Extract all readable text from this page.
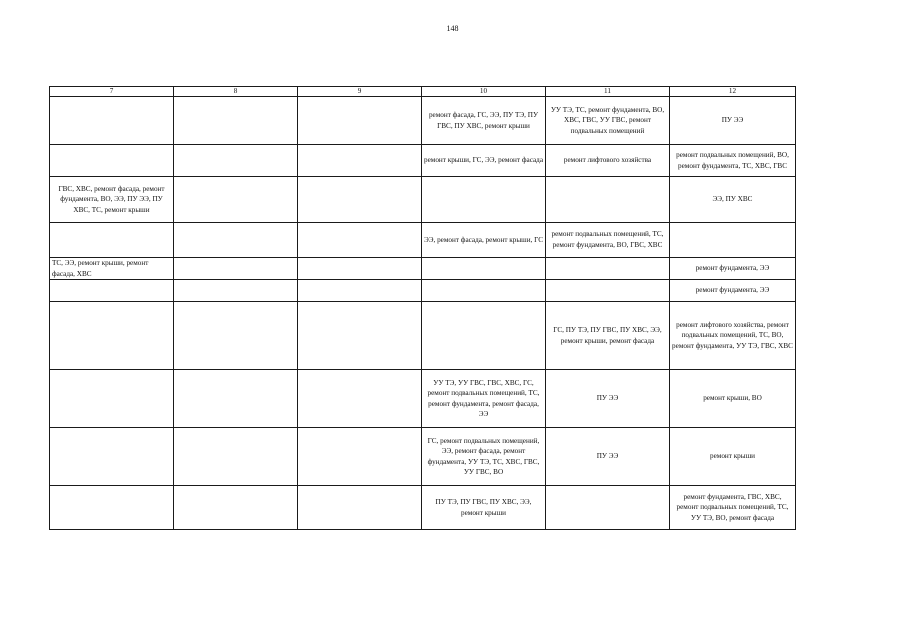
148
7	8	9	10	11	12
			ремонт фасада, ГС, ЭЭ, ПУ ТЭ, ПУ ГВС, ПУ ХВС, ремонт крыши	УУ ТЭ, ТС, ремонт фундамента, ВО, ХВС, ГВС, УУ ГВС, ремонт подвальных помещений	ПУ ЭЭ
			ремонт крыши, ГС, ЭЭ, ремонт фасада	ремонт лифтового хозяйства	ремонт подвальных помещений, ВО, ремонт фундамента, ТС, ХВС, ГВС
ГВС, ХВС, ремонт фасада, ремонт фундамента, ВО, ЭЭ, ПУ ЭЭ, ПУ ХВС, ТС, ремонт крыши					ЭЭ, ПУ ХВС
			ЭЭ, ремонт фасада, ремонт крыши, ГС	ремонт подвальных помещений, ТС, ремонт фундамента, ВО, ГВС, ХВС	
ТС, ЭЭ, ремонт крыши, ремонт фасада, ХВС					ремонт фундамента, ЭЭ
					ремонт фундамента, ЭЭ
				ГС, ПУ ТЭ, ПУ ГВС, ПУ ХВС, ЭЭ, ремонт крыши, ремонт фасада	ремонт лифтового хозяйства, ремонт подвальных помещений, ТС, ВО, ремонт фундамента, УУ ТЭ, ГВС, ХВС
			УУ ТЭ, УУ ГВС, ГВС, ХВС, ГС, ремонт подвальных помещений, ТС, ремонт фундамента, ремонт фасада, ЭЭ	ПУ ЭЭ	ремонт крыши, ВО
			ГС, ремонт подвальных помещений, ЭЭ, ремонт фасада, ремонт фундамента, УУ ТЭ, ТС, ХВС, ГВС, УУ ГВС, ВО	ПУ ЭЭ	ремонт крыши
			ПУ ТЭ, ПУ ГВС, ПУ ХВС, ЭЭ, ремонт крыши		ремонт фундамента, ГВС, ХВС, ремонт подвальных помещений, ТС, УУ ТЭ, ВО, ремонт фасада
